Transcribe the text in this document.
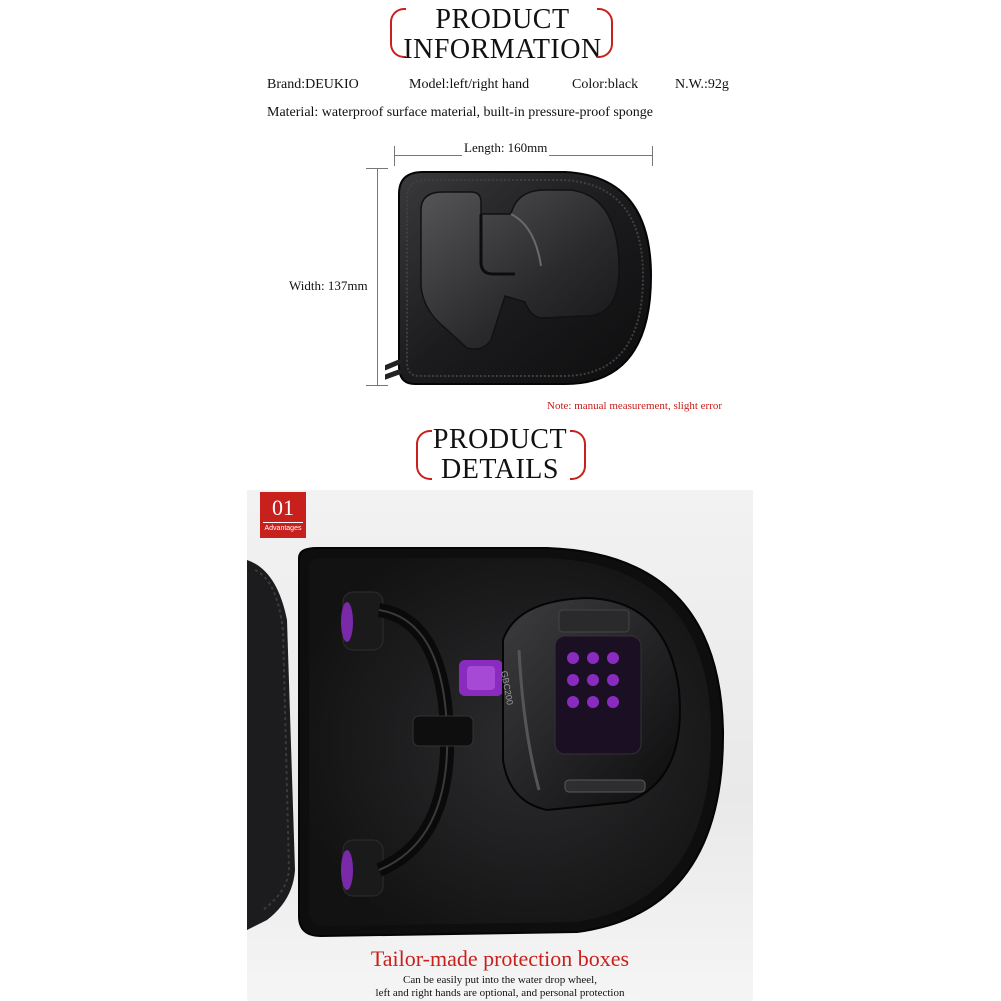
PRODUCT
INFORMATION
Brand:DEUKIO	Model:left/right hand	Color:black	N.W.:92g
Material: waterproof surface material, built-in pressure-proof sponge
Length: 160mm
Width: 137mm
Note: manual measurement, slight error
PRODUCT
DETAILS
01
Advantages
GBC200
Tailor-made protection boxes
Can be easily put into the water drop wheel,
left and right hands are optional, and personal protection
